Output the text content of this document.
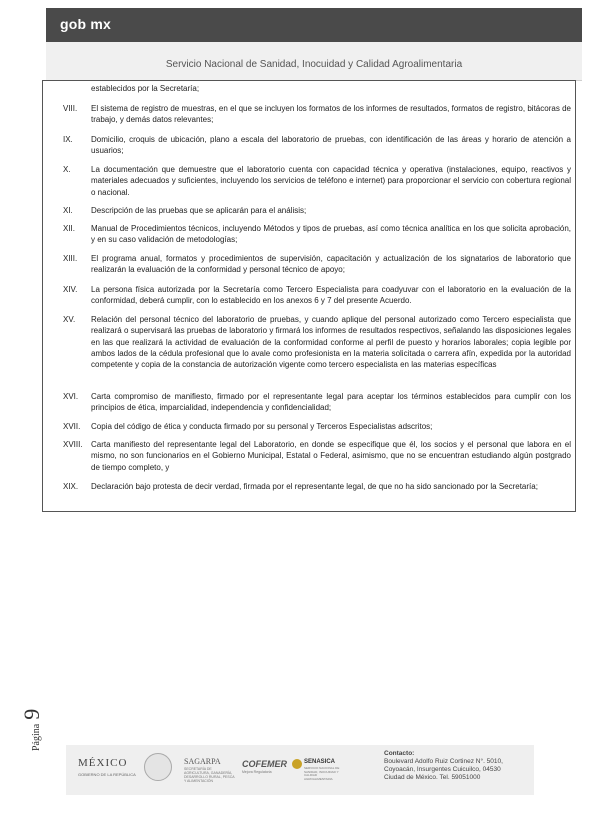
gob mx
Servicio Nacional de Sanidad, Inocuidad y Calidad Agroalimentaria
establecidos por la Secretaría;
VIII. El sistema de registro de muestras, en el que se incluyen los formatos de los informes de resultados, formatos de registro, bitácoras de trabajo, y demás datos relevantes;
IX. Domicilio, croquis de ubicación, plano a escala del laboratorio de pruebas, con identificación de las áreas y horario de atención a usuarios;
X.	La documentación que demuestre que el laboratorio cuenta con capacidad técnica y operativa (instalaciones, equipo, reactivos y materiales adecuados y suficientes, incluyendo los servicios de teléfono e internet) para proporcionar el servicio con cobertura regional o nacional.
XI. Descripción de las pruebas que se aplicarán para el análisis;
XII. Manual de Procedimientos técnicos, incluyendo Métodos y tipos de pruebas, así como técnica analítica en los que solicita aprobación, y en su caso validación de metodologías;
XIII. El programa anual, formatos y procedimientos de supervisión, capacitación y actualización de los signatarios de laboratorio que realizarán la evaluación de la conformidad y personal técnico de apoyo;
XIV. La persona física autorizada por la Secretaría como Tercero Especialista para coadyuvar con el laboratorio en la evaluación de la conformidad, deberá cumplir, con lo establecido en los anexos 6 y 7 del presente Acuerdo.
XV. Relación del personal técnico del laboratorio de pruebas, y cuando aplique del personal autorizado como Tercero especialista que realizará o supervisará las pruebas de laboratorio y firmará los informes de resultados respectivos, señalando las disposiciones legales en las que realizará la actividad de evaluación de la conformidad conforme al perfil de puesto y horarios laborales; copia legible por ambos lados de la cédula profesional que lo avale como profesionista en la materia solicitada o carrera afín, expedida por la autoridad competente y copia de la constancia de autorización vigente como tercero especialista en las materias específicas
XVI. Carta compromiso de manifiesto, firmado por el representante legal para aceptar los términos establecidos para cumplir con los principios de ética, imparcialidad, independencia y confidencialidad;
XVII. Copia del código de ética y conducta firmado por su personal y Terceros Especialistas adscritos;
XVIII. Carta manifiesto del representante legal del Laboratorio, en donde se especifique que él, los socios y el personal que labora en el mismo, no son funcionarios en el Gobierno Municipal, Estatal o Federal, asimismo, que no se encuentran estudiando algún postgrado de tiempo completo, y
XIX. Declaración bajo protesta de decir verdad, firmada por el representante legal, de que no ha sido sancionado por la Secretaría;
Página 9
MÉXICO
GOBIERNO DE LA REPÚBLICA
SAGARPA
SECRETARÍA DE AGRICULTURA, GANADERÍA, DESARROLLO RURAL, PESCA Y ALIMENTACIÓN
COFEMER
Mejora Regulatoria
SENASICA
SERVICIO NACIONAL DE SANIDAD, INOCUIDAD Y CALIDAD AGROALIMENTARIA
Contacto:
Boulevard Adolfo Ruiz Cortinez N°. 5010,
Coyoacán, Insurgentes Cuicuilco, 04530
Ciudad de México. Tel. 59051000
